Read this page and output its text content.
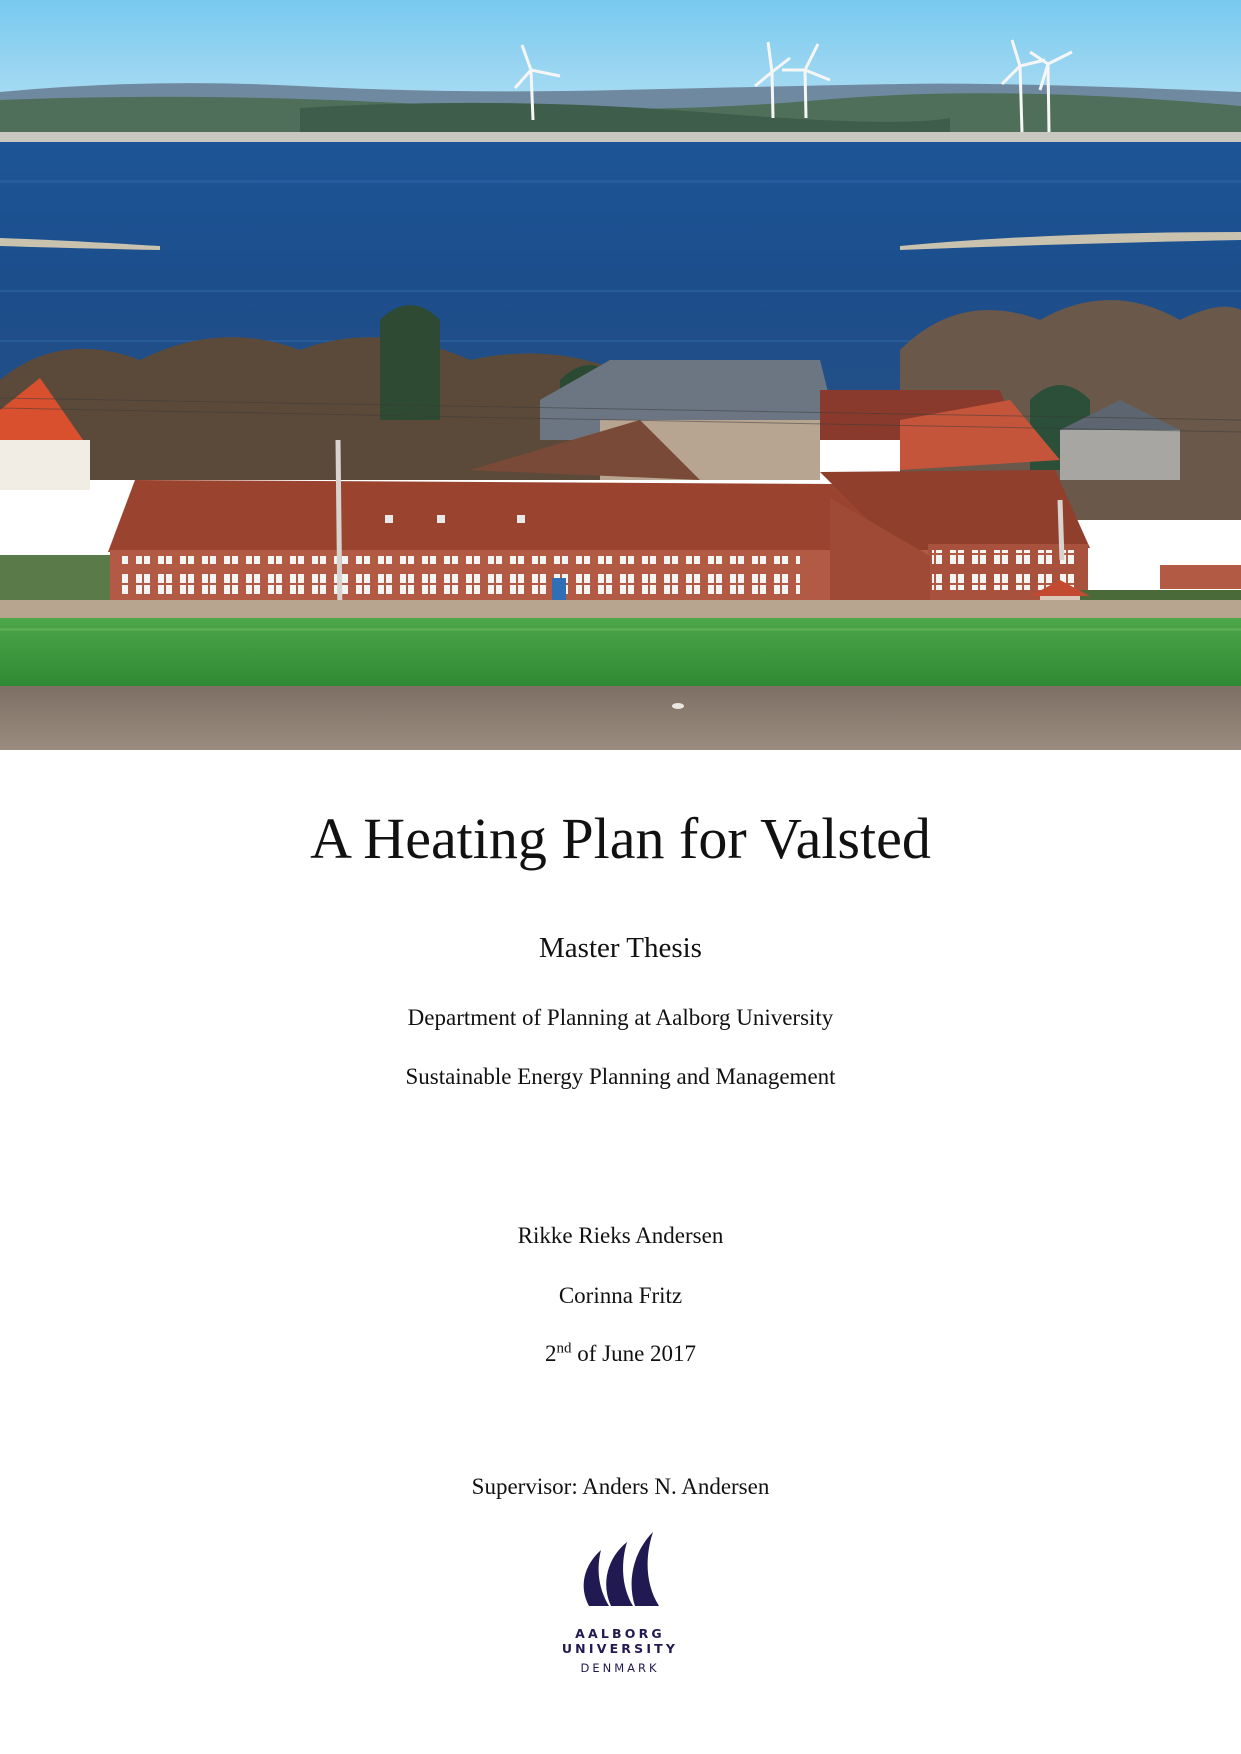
A Heating Plan for Valsted

Master Thesis

Department of Planning at Aalborg University

Sustainable Energy Planning and Management

Rikke Rieks Andersen

Corinna Fritz

2nd of June 2017

Supervisor: Anders N. Andersen

AALBORG UNIVERSITY
DENMARK
